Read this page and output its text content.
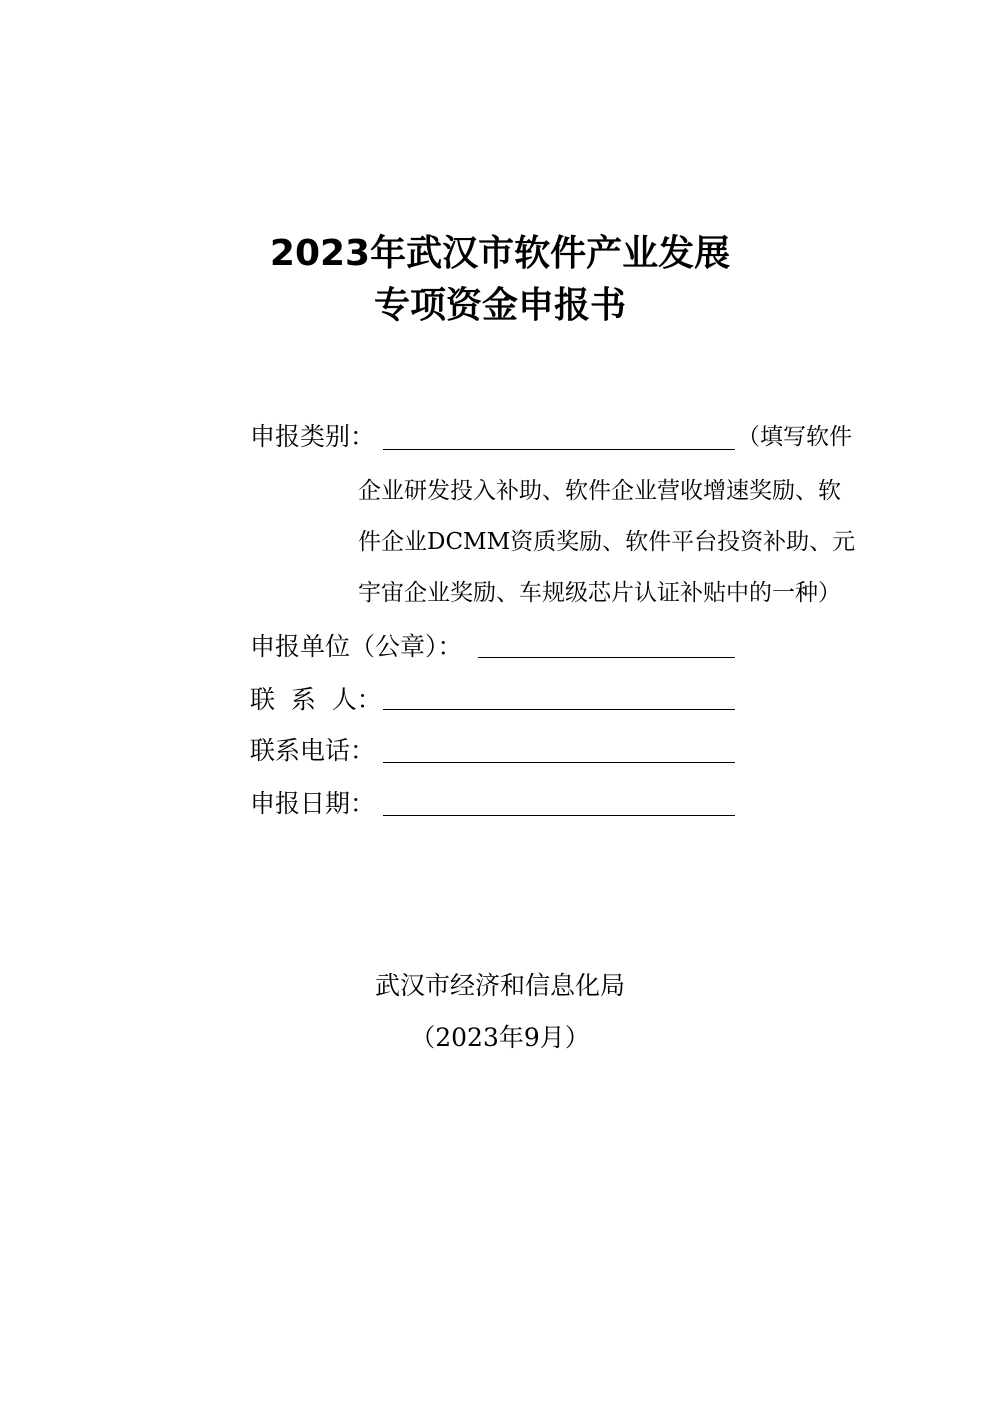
2023年武汉市软件产业发展
专项资金申报书
申报类别：	（填写软件
企业研发投入补助、软件企业营收增速奖励、软
件企业DCMM资质奖励、软件平台投资补助、元
宇宙企业奖励、车规级芯片认证补贴中的一种）
申报单位（公章）：
联  系  人：
联系电话：
申报日期：
武汉市经济和信息化局
（2023年9月）
